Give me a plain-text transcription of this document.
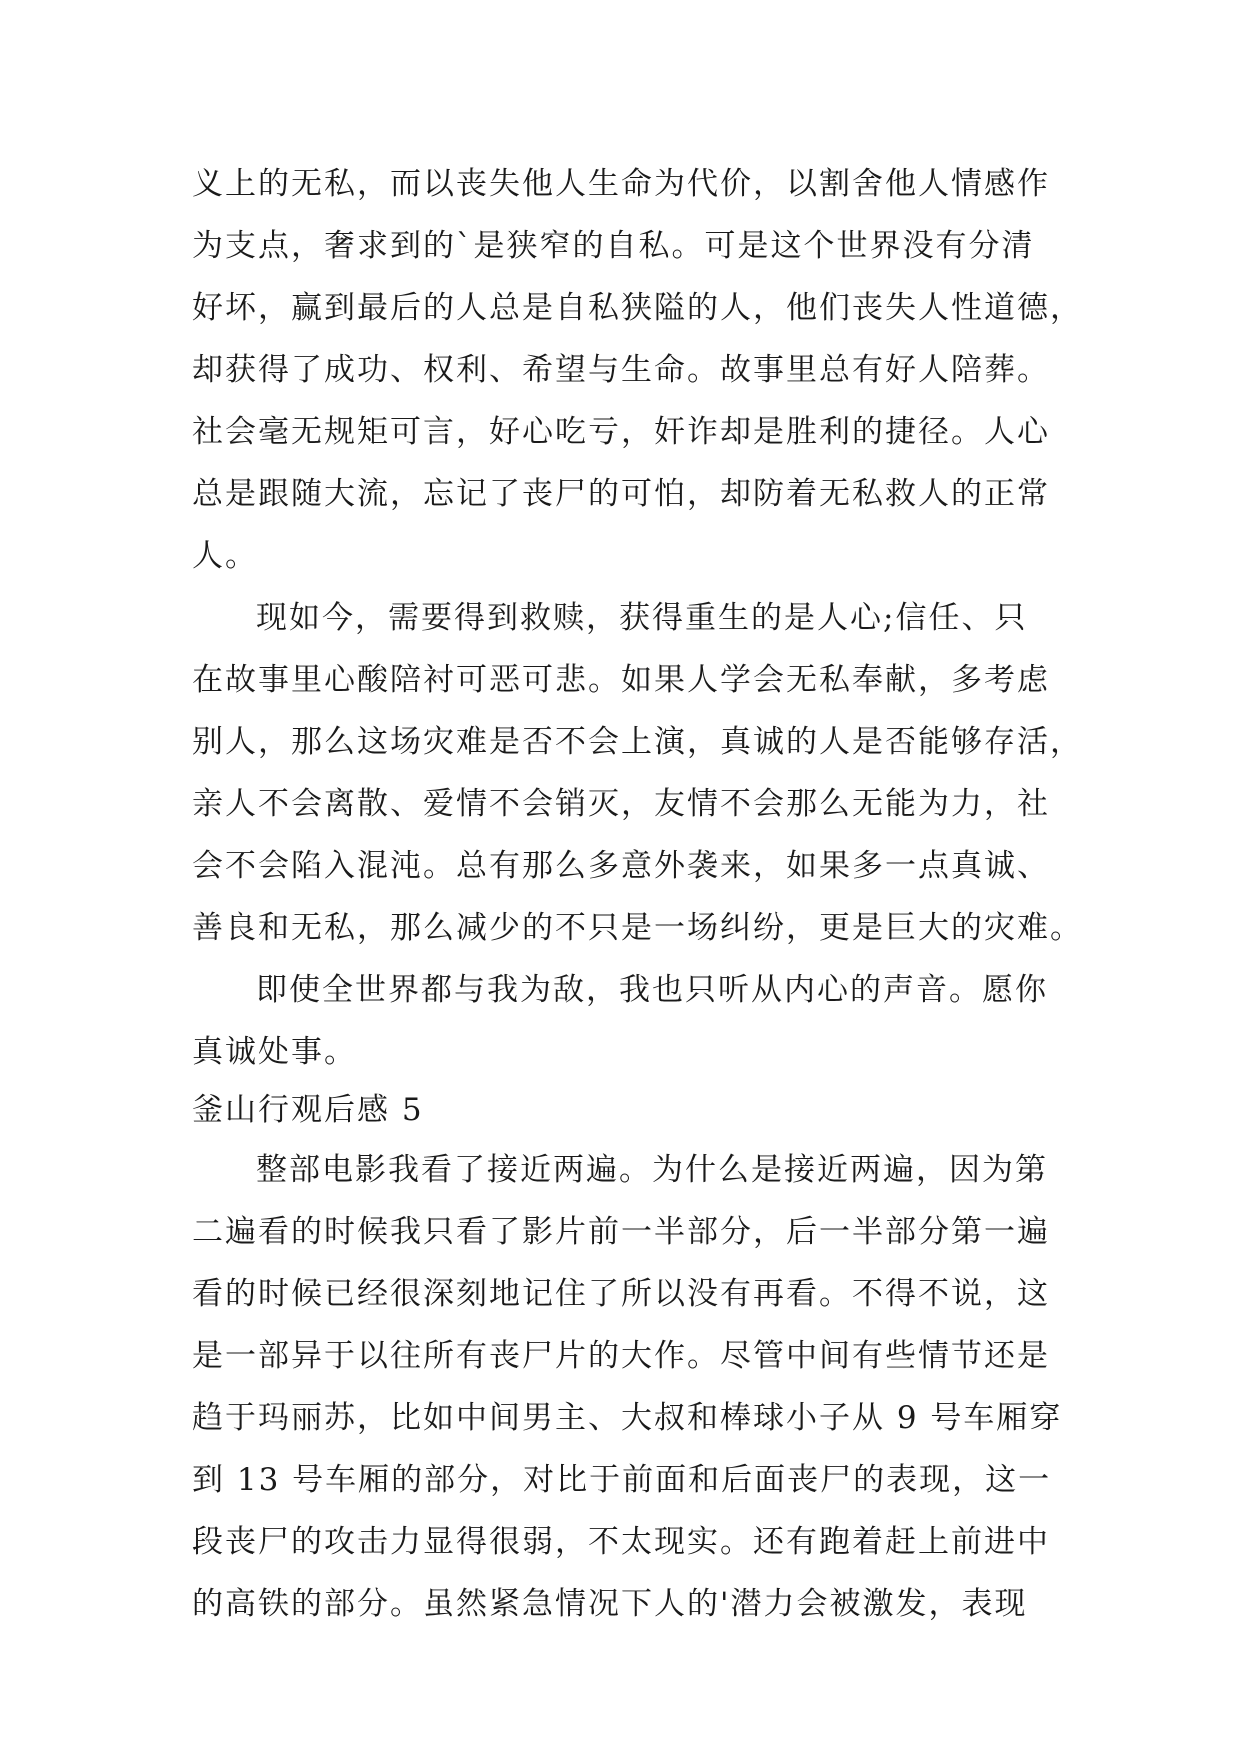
义上的无私，而以丧失他人生命为代价，以割舍他人情感作
为支点，奢求到的`是狭窄的自私。可是这个世界没有分清
好坏，赢到最后的人总是自私狭隘的人，他们丧失人性道德，
却获得了成功、权利、希望与生命。故事里总有好人陪葬。
社会毫无规矩可言，好心吃亏，奸诈却是胜利的捷径。人心
总是跟随大流，忘记了丧尸的可怕，却防着无私救人的正常
人。
现如今，需要得到救赎，获得重生的是人心;信任、只
在故事里心酸陪衬可恶可悲。如果人学会无私奉献，多考虑
别人，那么这场灾难是否不会上演，真诚的人是否能够存活，
亲人不会离散、爱情不会销灭，友情不会那么无能为力，社
会不会陷入混沌。总有那么多意外袭来，如果多一点真诚、
善良和无私，那么减少的不只是一场纠纷，更是巨大的灾难。
即使全世界都与我为敌，我也只听从内心的声音。愿你
真诚处事。
釜山行观后感 5
整部电影我看了接近两遍。为什么是接近两遍，因为第
二遍看的时候我只看了影片前一半部分，后一半部分第一遍
看的时候已经很深刻地记住了所以没有再看。不得不说，这
是一部异于以往所有丧尸片的大作。尽管中间有些情节还是
趋于玛丽苏，比如中间男主、大叔和棒球小子从 9 号车厢穿
到 13 号车厢的部分，对比于前面和后面丧尸的表现，这一
段丧尸的攻击力显得很弱，不太现实。还有跑着赶上前进中
的高铁的部分。虽然紧急情况下人的'潜力会被激发，表现
